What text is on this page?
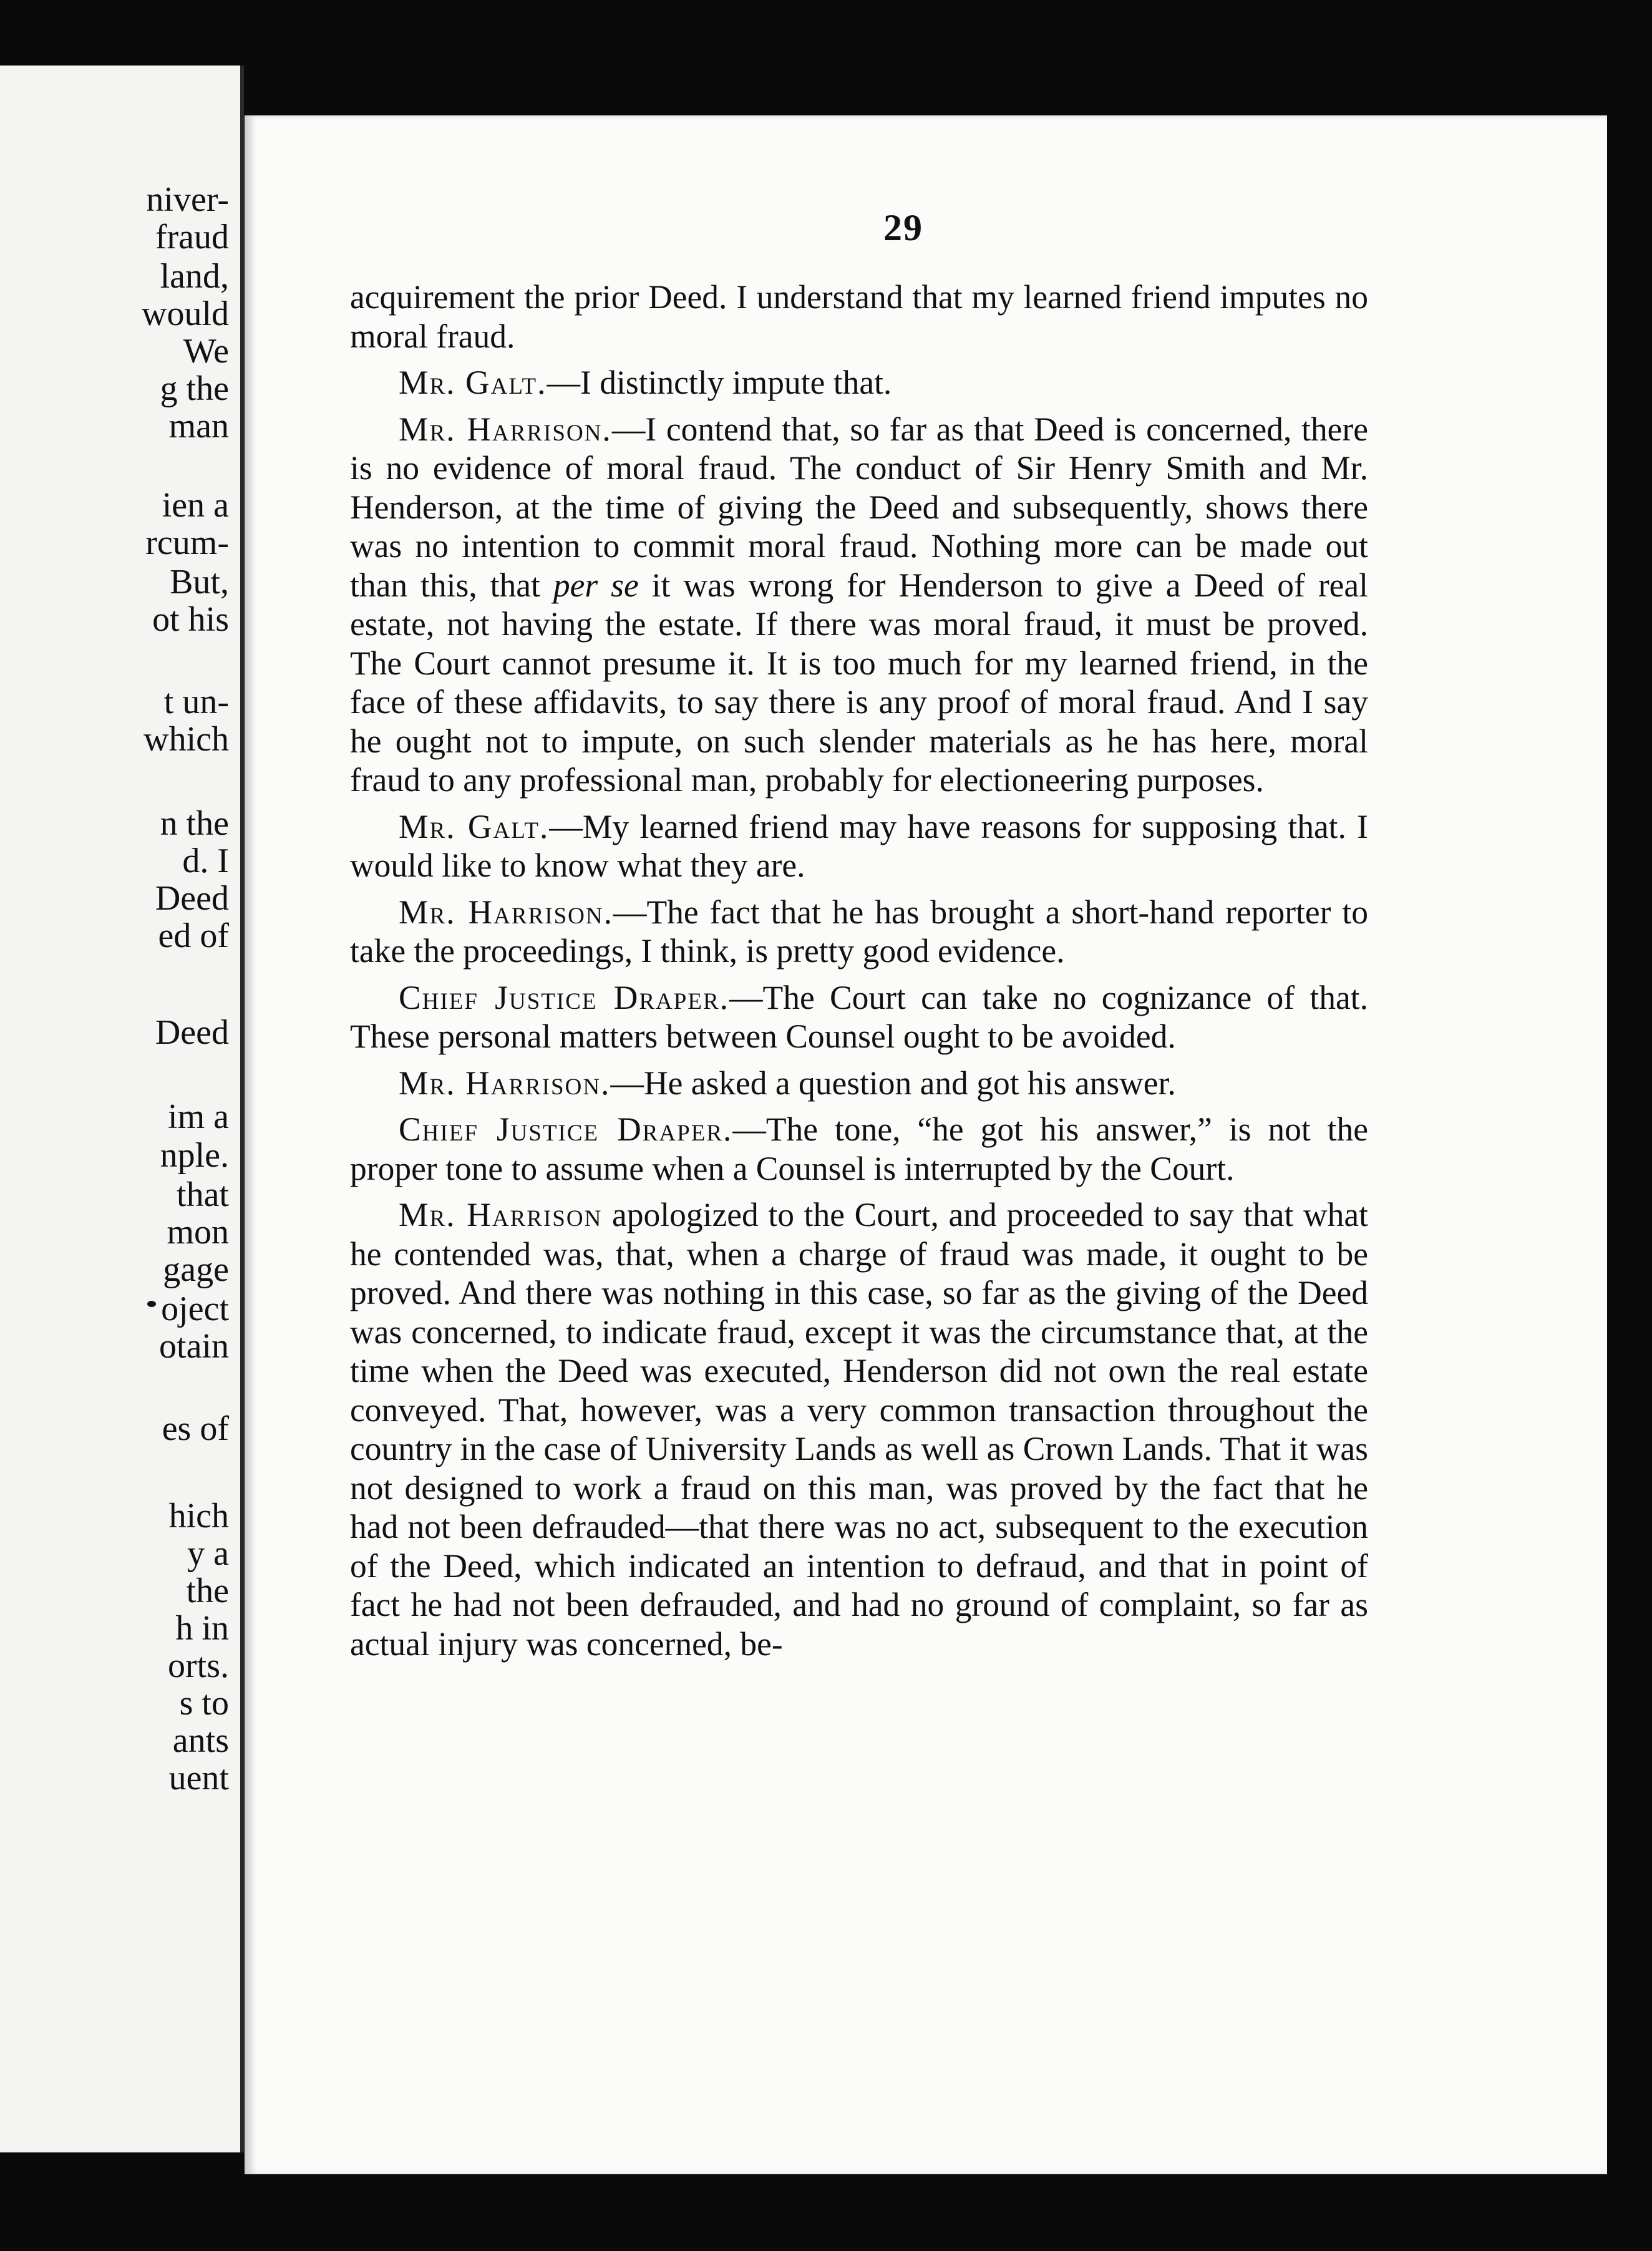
niver-
fraud
land,
would
We
g the
man
ien a
rcum-
But,
ot his
t un-
which
n the
d. I
Deed
ed of
Deed
im a
nple.
that
mon
gage
oject
otain
es of
hich
y a
the
h in
orts.
s to
ants
uent
29

acquirement the prior Deed. I understand that my learned friend imputes no moral fraud.

Mr. Galt.—I distinctly impute that.

Mr. Harrison.—I contend that, so far as that Deed is concerned, there is no evidence of moral fraud. The conduct of Sir Henry Smith and Mr. Henderson, at the time of giving the Deed and subsequently, shows there was no intention to commit moral fraud. Nothing more can be made out than this, that per se it was wrong for Henderson to give a Deed of real estate, not having the estate. If there was moral fraud, it must be proved. The Court cannot presume it. It is too much for my learned friend, in the face of these affidavits, to say there is any proof of moral fraud. And I say he ought not to impute, on such slender materials as he has here, moral fraud to any professional man, probably for electioneering purposes.

Mr. Galt.—My learned friend may have reasons for supposing that. I would like to know what they are.

Mr. Harrison.—The fact that he has brought a short-hand reporter to take the proceedings, I think, is pretty good evidence.

Chief Justice Draper.—The Court can take no cognizance of that. These personal matters between Counsel ought to be avoided.

Mr. Harrison.—He asked a question and got his answer.

Chief Justice Draper.—The tone, “he got his answer,” is not the proper tone to assume when a Counsel is interrupted by the Court.

Mr. Harrison apologized to the Court, and proceeded to say that what he contended was, that, when a charge of fraud was made, it ought to be proved. And there was nothing in this case, so far as the giving of the Deed was concerned, to indicate fraud, except it was the circumstance that, at the time when the Deed was executed, Henderson did not own the real estate conveyed. That, however, was a very common transaction throughout the country in the case of University Lands as well as Crown Lands. That it was not designed to work a fraud on this man, was proved by the fact that he had not been defrauded—that there was no act, subsequent to the execution of the Deed, which indicated an intention to defraud, and that in point of fact he had not been defrauded, and had no ground of complaint, so far as actual injury was concerned, be-
